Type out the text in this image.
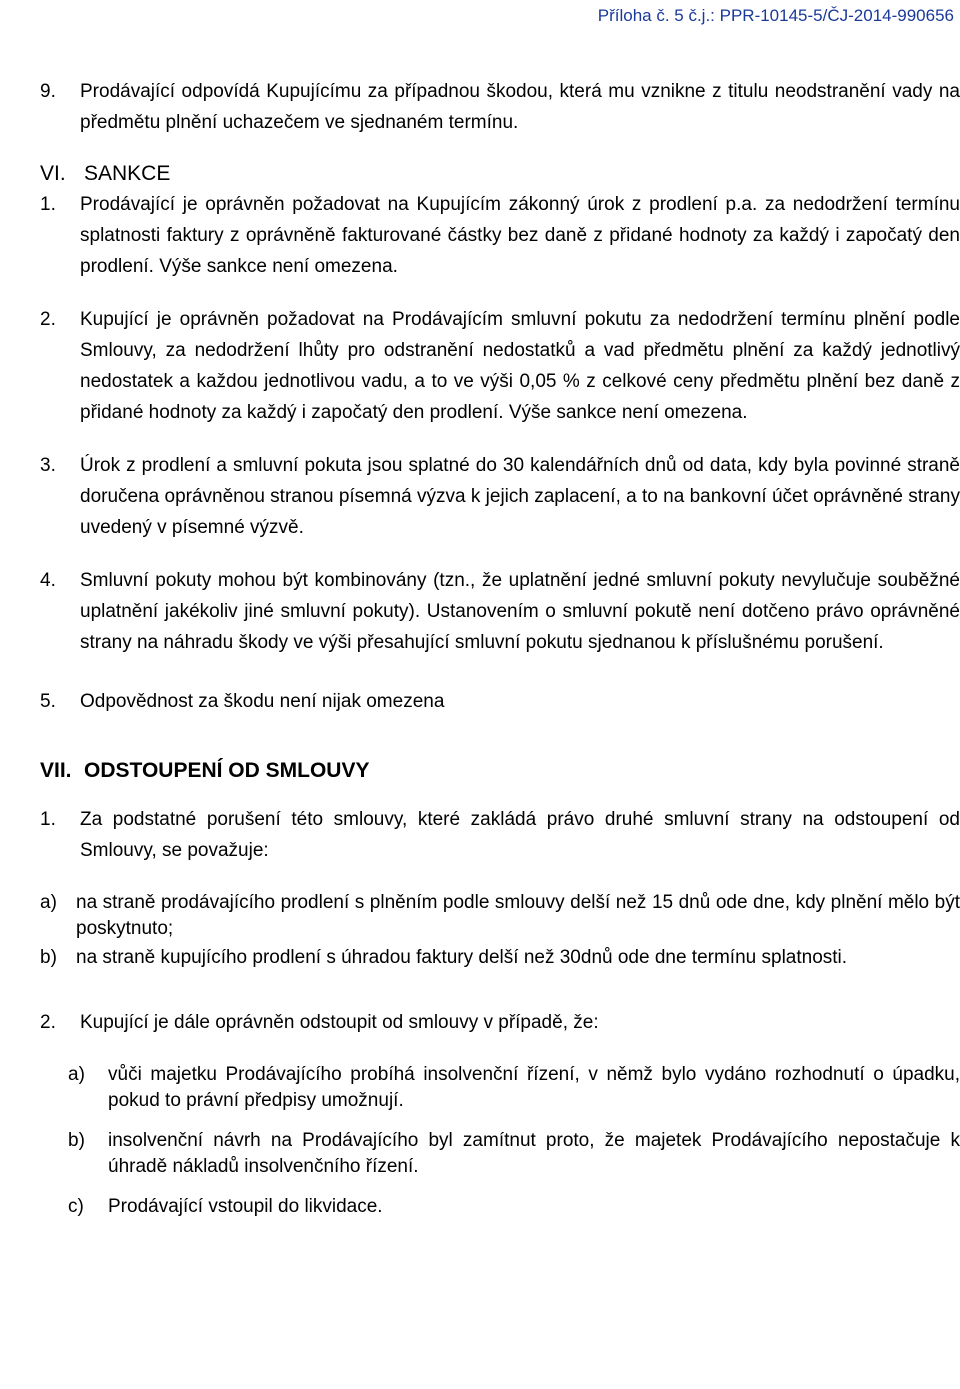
Příloha č. 5 č.j.: PPR-10145-5/ČJ-2014-990656
9. Prodávající odpovídá Kupujícímu za případnou škodou, která mu vznikne z titulu neodstranění vady na předmětu plnění uchazečem ve sjednaném termínu.
VI. SANKCE
1. Prodávající je oprávněn požadovat na Kupujícím zákonný úrok z prodlení p.a. za nedodržení termínu splatnosti faktury z oprávněně fakturované částky bez daně z přidané hodnoty za každý i započatý den prodlení. Výše sankce není omezena.
2. Kupující je oprávněn požadovat na Prodávajícím smluvní pokutu za nedodržení termínu plnění podle Smlouvy, za nedodržení lhůty pro odstranění nedostatků a vad předmětu plnění za každý jednotlivý nedostatek a každou jednotlivou vadu, a to ve výši 0,05 % z celkové ceny předmětu plnění bez daně z přidané hodnoty za každý i započatý den prodlení. Výše sankce není omezena.
3. Úrok z prodlení a smluvní pokuta jsou splatné do 30 kalendářních dnů od data, kdy byla povinné straně doručena oprávněnou stranou písemná výzva k jejich zaplacení, a to na bankovní účet oprávněné strany uvedený v písemné výzvě.
4. Smluvní pokuty mohou být kombinovány (tzn., že uplatnění jedné smluvní pokuty nevylučuje souběžné uplatnění jakékoliv jiné smluvní pokuty). Ustanovením o smluvní pokutě není dotčeno právo oprávněné strany na náhradu škody ve výši přesahující smluvní pokutu sjednanou k příslušnému porušení.
5. Odpovědnost za škodu není nijak omezena
VII. ODSTOUPENÍ OD SMLOUVY
1. Za podstatné porušení této smlouvy, které zakládá právo druhé smluvní strany na odstoupení od Smlouvy, se považuje:
a) na straně prodávajícího prodlení s plněním podle smlouvy delší než 15 dnů ode dne, kdy plnění mělo být poskytnuto;
b) na straně kupujícího prodlení s úhradou faktury delší než 30dnů ode dne termínu splatnosti.
2. Kupující je dále oprávněn odstoupit od smlouvy v případě, že:
a) vůči majetku Prodávajícího probíhá insolvenční řízení, v němž bylo vydáno rozhodnutí o úpadku, pokud to právní předpisy umožnují.
b) insolvenční návrh na Prodávajícího byl zamítnut proto, že majetek Prodávajícího nepostačuje k úhradě nákladů insolvenčního řízení.
c) Prodávající vstoupil do likvidace.
